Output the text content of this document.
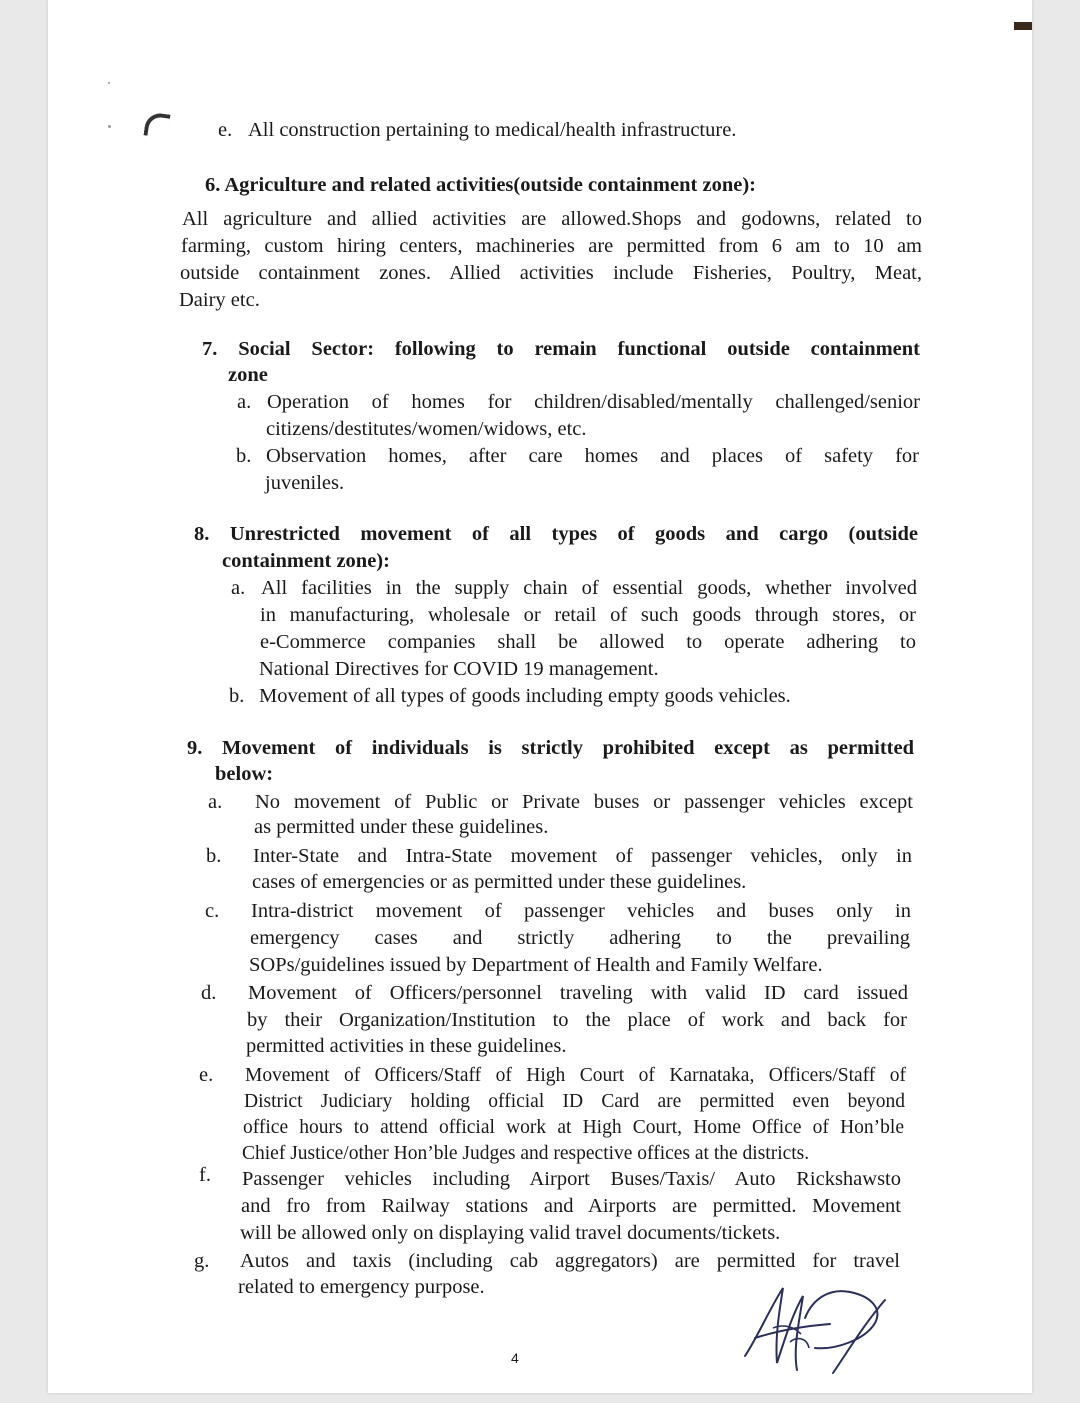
e. All construction pertaining to medical/health infrastructure.

6. Agriculture and related activities(outside containment zone):

All agriculture and allied activities are allowed.Shops and godowns, related to

farming, custom hiring centers, machineries are permitted from 6 am to 10 am

outside containment zones. Allied activities include Fisheries, Poultry, Meat,

Dairy etc.

7. Social Sector: following to remain functional outside containment

zone

a. Operation of homes for children/disabled/mentally challenged/senior

citizens/destitutes/women/widows, etc.

b. Observation homes, after care homes and places of safety for

juveniles.

8. Unrestricted movement of all types of goods and cargo (outside

containment zone):

a. All facilities in the supply chain of essential goods, whether involved

in manufacturing, wholesale or retail of such goods through stores, or

e-Commerce companies shall be allowed to operate adhering to

National Directives for COVID 19 management.

b. Movement of all types of goods including empty goods vehicles.

9. Movement of individuals is strictly prohibited except as permitted

below:

a. No movement of Public or Private buses or passenger vehicles except

as permitted under these guidelines.

b. Inter-State and Intra-State movement of passenger vehicles, only in

cases of emergencies or as permitted under these guidelines.

c. Intra-district movement of passenger vehicles and buses only in

emergency cases and strictly adhering to the prevailing

SOPs/guidelines issued by Department of Health and Family Welfare.

d. Movement of Officers/personnel traveling with valid ID card issued

by their Organization/Institution to the place of work and back for

permitted activities in these guidelines.

e. Movement of Officers/Staff of High Court of Karnataka, Officers/Staff of

District Judiciary holding official ID Card are permitted even beyond

office hours to attend official work at High Court, Home Office of Hon’ble

Chief Justice/other Hon’ble Judges and respective offices at the districts.

f. Passenger vehicles including Airport Buses/Taxis/ Auto Rickshawsto

and fro from Railway stations and Airports are permitted. Movement

will be allowed only on displaying valid travel documents/tickets.

g. Autos and taxis (including cab aggregators) are permitted for travel

related to emergency purpose.

4
